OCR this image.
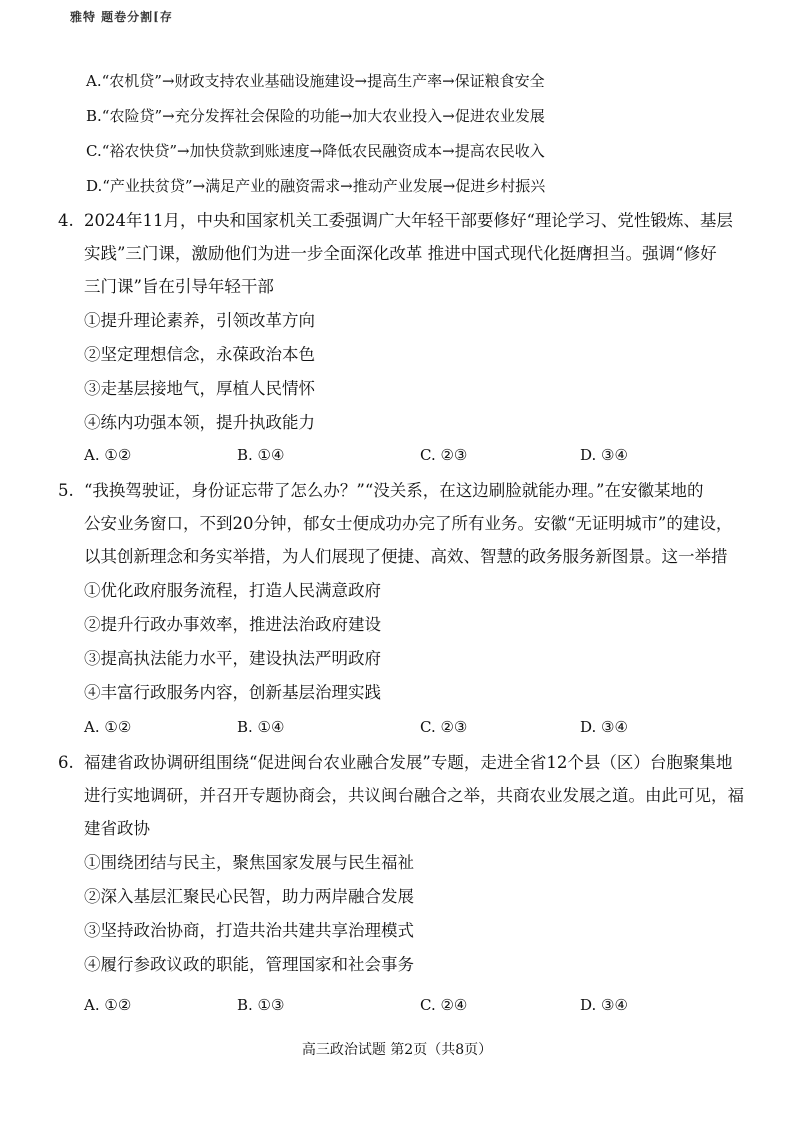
雅特 题卷分割[存
A.“农机贷”→财政支持农业基础设施建设→提高生产率→保证粮食安全
B.“农险贷”→充分发挥社会保险的功能→加大农业投入→促进农业发展
C.“裕农快贷”→加快贷款到账速度→降低农民融资成本→提高农民收入
D.“产业扶贫贷”→满足产业的融资需求→推动产业发展→促进乡村振兴
4. 2024年11月，中央和国家机关工委强调广大年轻干部要修好“理论学习、党性锻炼、基层
实践”三门课，激励他们为进一步全面深化改革 推进中国式现代化挺膺担当。强调“修好
三门课”旨在引导年轻干部
①提升理论素养，引领改革方向
②坚定理想信念，永葆政治本色
③走基层接地气，厚植人民情怀
④练内功强本领，提升执政能力
A. ①②	B. ①④	C. ②③	D. ③④
5. “我换驾驶证，身份证忘带了怎么办？”“没关系，在这边刷脸就能办理。”在安徽某地的
公安业务窗口，不到20分钟，郁女士便成功办完了所有业务。安徽“无证明城市”的建设，
以其创新理念和务实举措，为人们展现了便捷、高效、智慧的政务服务新图景。这一举措
①优化政府服务流程，打造人民满意政府
②提升行政办事效率，推进法治政府建设
③提高执法能力水平，建设执法严明政府
④丰富行政服务内容，创新基层治理实践
A. ①②	B. ①④	C. ②③	D. ③④
6. 福建省政协调研组围绕“促进闽台农业融合发展”专题，走进全省12个县（区）台胞聚集地
进行实地调研，并召开专题协商会，共议闽台融合之举，共商农业发展之道。由此可见，福
建省政协
①围绕团结与民主，聚焦国家发展与民生福祉
②深入基层汇聚民心民智，助力两岸融合发展
③坚持政治协商，打造共治共建共享治理模式
④履行参政议政的职能，管理国家和社会事务
A. ①②	B. ①③	C. ②④	D. ③④
高三政治试题 第2页（共8页）
